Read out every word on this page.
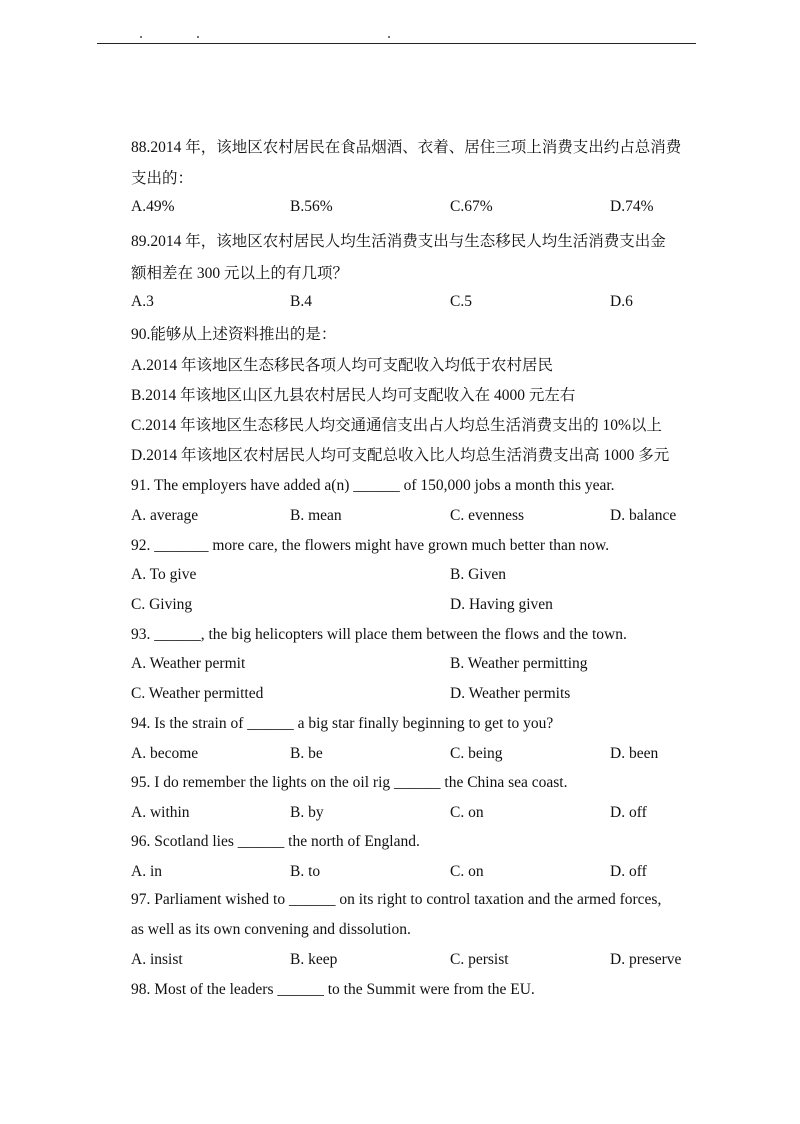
88.2014 年，该地区农村居民在食品烟酒、衣着、居住三项上消费支出约占总消费
支出的：
A.49%	B.56%	C.67%	D.74%
89.2014 年，该地区农村居民人均生活消费支出与生态移民人均生活消费支出金
额相差在 300 元以上的有几项？
A.3	B.4	C.5	D.6
90.能够从上述资料推出的是：
A.2014 年该地区生态移民各项人均可支配收入均低于农村居民
B.2014 年该地区山区九县农村居民人均可支配收入在 4000 元左右
C.2014 年该地区生态移民人均交通通信支出占人均总生活消费支出的 10%以上
D.2014 年该地区农村居民人均可支配总收入比人均总生活消费支出高 1000 多元
91. The employers have added a(n) ______ of 150,000 jobs a month this year.
A. average	B. mean	C. evenness	D. balance
92. _______ more care, the flowers might have grown much better than now.
A. To give	B. Given
C. Giving	D. Having given
93. ______, the big helicopters will place them between the flows and the town.
A. Weather permit	B. Weather permitting
C. Weather permitted	D. Weather permits
94. Is the strain of ______ a big star finally beginning to get to you?
A. become	B. be	C. being	D. been
95. I do remember the lights on the oil rig ______ the China sea coast.
A. within	B. by	C. on	D. off
96. Scotland lies ______ the north of England.
A. in	B. to	C. on	D. off
97. Parliament wished to ______ on its right to control taxation and the armed forces,
as well as its own convening and dissolution.
A. insist	B. keep	C. persist	D. preserve
98. Most of the leaders ______ to the Summit were from the EU.
